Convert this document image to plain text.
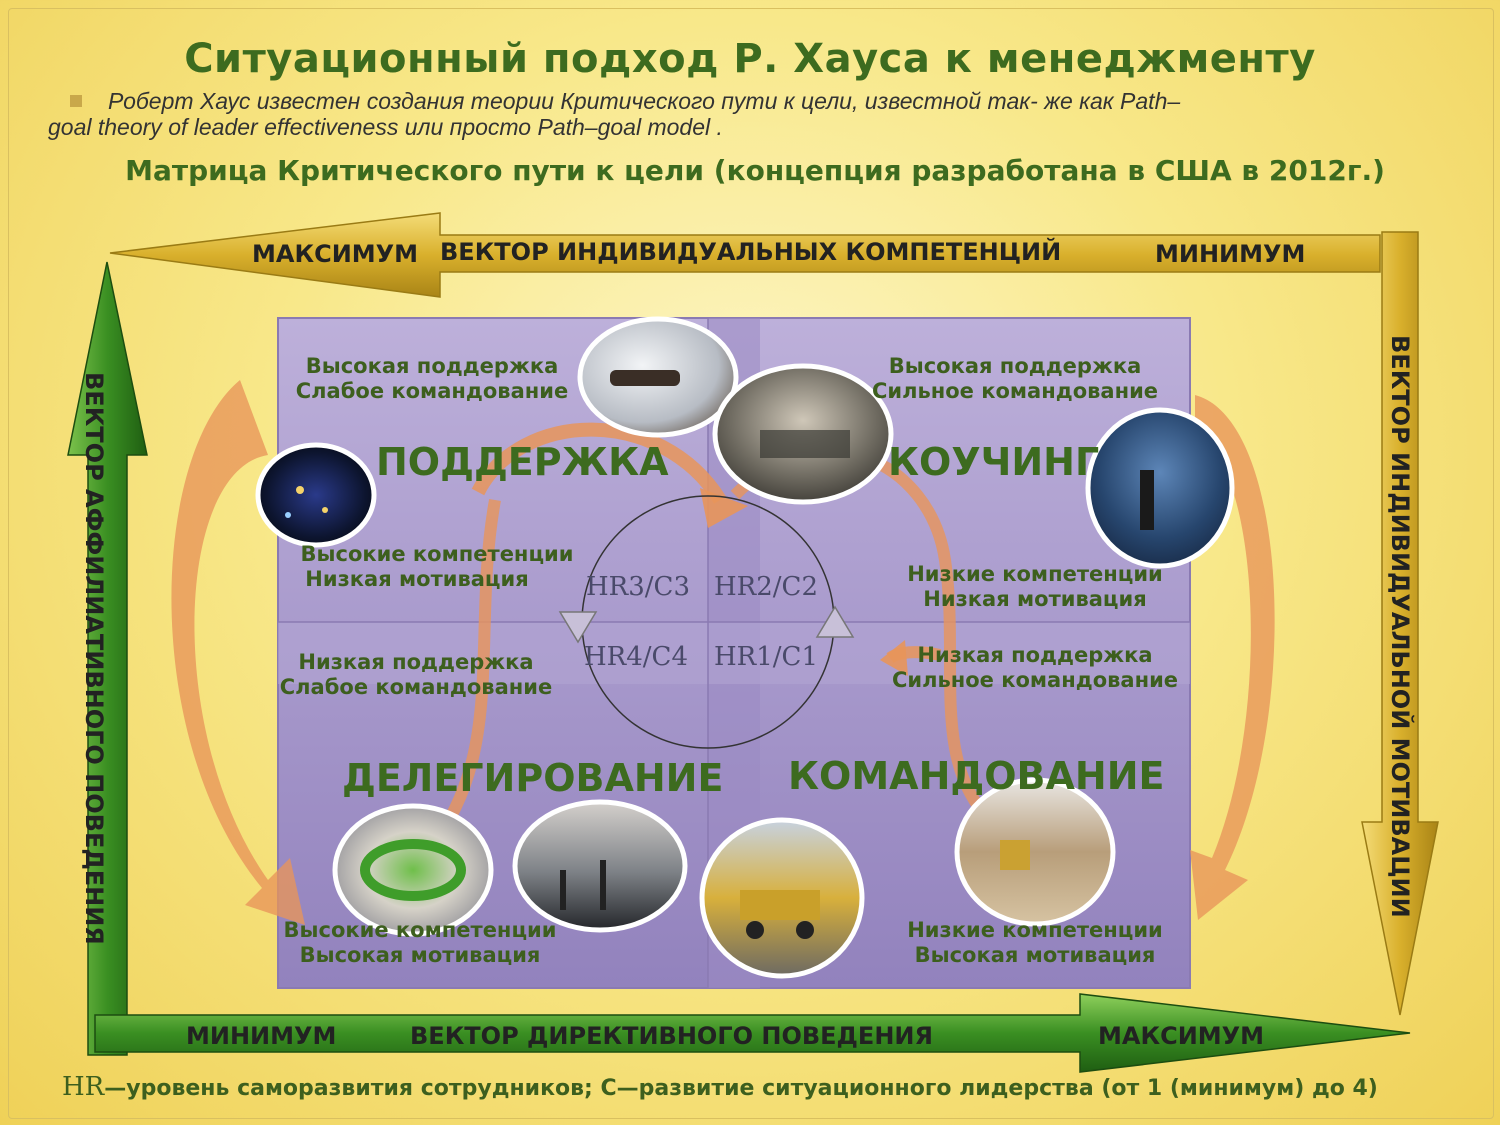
Ситуационный подход Р. Хауса к менеджменту
Роберт Хаус известен создания теории Критического пути к цели, известной так- же как Path–goal theory of leader effectiveness или просто Path–goal model .
Матрица Критического пути к цели (концепция разработана в США в 2012г.)
МАКСИМУМ ВЕКТОР ИНДИВИДУАЛЬНЫХ КОМПЕТЕНЦИЙ	МИНИМУМ
МИНИМУМ	ВЕКТОР ДИРЕКТИВНОГО ПОВЕДЕНИЯ	МАКСИМУМ
ВЕКТОР АФФИЛИАТИВНОГО ПОВЕДЕНИЯ	ВЕКТОР ИНДИВИДУАЛЬНОЙ МОТИВАЦИИ
Высокая поддержка
Слабое командование
ПОДДЕРЖКА
Высокие компетенции
Низкая мотивация
Высокая поддержка
Сильное командование
КОУЧИНГ
Низкие компетенции
Низкая мотивация
Низкая поддержка
Слабое командование
ДЕЛЕГИРОВАНИЕ
Высокие компетенции
Высокая мотивация
Низкая поддержка
Сильное командование
КОМАНДОВАНИЕ
Низкие компетенции
Высокая мотивация
HR3/C3 HR2/C2
HR4/C4 HR1/C1
HR—уровень саморазвития сотрудников; С—развитие ситуационного лидерства (от 1 (минимум) до 4)
